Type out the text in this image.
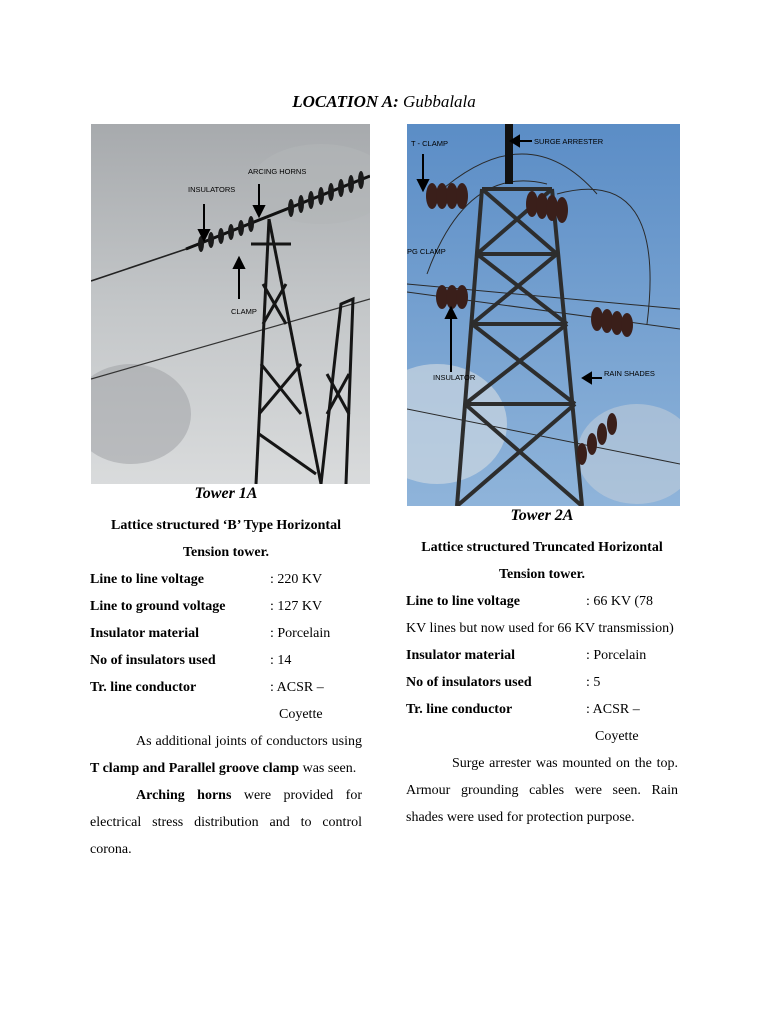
LOCATION A: Gubbalala
INSULATORS
ARCING HORNS
CLAMP
T - CLAMP	SURGE ARRESTER
PG CLAMP
INSULATOR	RAIN SHADES
Tower 1A
Lattice structured ‘B’ Type Horizontal Tension tower.
Line to line voltage	: 220 KV
Line to ground voltage	: 127 KV
Insulator material	: Porcelain
No of insulators used	: 14
Tr. line conductor	: ACSR –
Coyette
As additional joints of conductors using T clamp and Parallel groove clamp was seen.
Arching horns were provided for electrical stress distribution and to control corona.
Tower 2A
Lattice structured Truncated Horizontal Tension tower.
Line to line voltage	: 66 KV (78
KV lines but now used for 66 KV transmission)
Insulator material	: Porcelain
No of insulators used	: 5
Tr. line conductor	: ACSR –
Coyette
Surge arrester was mounted on the top. Armour grounding cables were seen. Rain shades were used for protection purpose.
